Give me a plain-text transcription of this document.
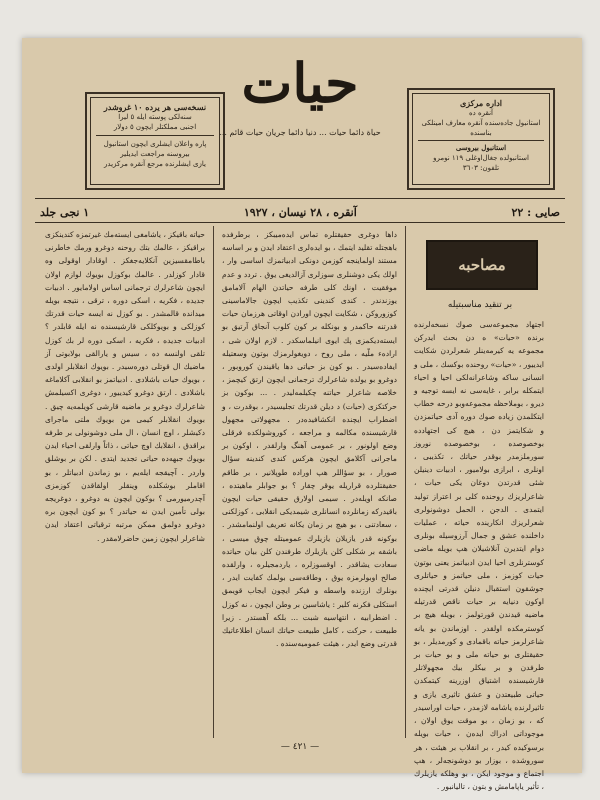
نسخه‌سى هر يرده ١٠ غروشدر
سنه‌لكى پوسته ايله ٥ ليرا
اجنبى مملكتلر ايچون ٥ دولار
پاره واعلان ايشلرى ايچون استانبول بيروسنه مراجعت ايديلير
يازى ايشلرنده مرجع آنقره مركزيدر
حيات
حياة دائما حيات ... دنيا دائما جريان حيات قائم ...
اداره مركزى
آنقره ده
استانبول جاده‌سنده آنقره معارف امينلكى بناسنده
استانبول بيروسى
استانبولده جغال‌اوغلى ١١٩ نومرو
تلفون: ٣٦٠٣
صايى : ٢٢
آنقره ، ٢٨ نيسان ، ١٩٢٧
١ نجى جلد

حياته باقيكز ، ياشامغى ايسته‌مك غيرتمزه كندينكزى براقيكز ، عالمك بتك روحنه دوغرو ورمك خاطرنى باطامقسيزين آنكلايه‌جغكز . اوقادار اوقولى وه قادار كوزلدر . عالمك بوكوزل بويوك لوازم اولان ايچون شاعرلرك ترجمانى اساس اولامايور . ادبيات جديده ، فكريه ، اسكى دوره ، ترقى ، نتيجه بويله ميدانده قالمشدر . بو كوزل نه ايسه حيات قدرتك كوزلكى و بويوكلكى قارشيسنده نه ايله قابلدر ؟ ادبيات جديده ، فكريه ، اسكى دوره لر بك كوزل تلقى اولنسه ده ، سيس و يارالقى بولابوتى آز ماضيك ال قوتلى دوره‌سيدر . بويوك انقلابلر اولدى ، بويوك حيات باشلادى . ادبياتمز بو انقلابى آكلاماغه باشلادى . ارتق دوغرو كيدييور ، دوغرى اكسيلمش شاعرلرك دوغرو بر ماضيه قارشى كويلمه‌يه چيق . بويوك انقلابلر كيمى من بويوك ملتى ماجراى دكيشلر ، اوچ انسان ، ال ملى دوشونولى بر طرفه براقدق ، انقلابك اوچ حياتى ، ذاتاً وارلقى احياء ايدن بويوك جبهه‌ده حياتى تجديد ايتدى . لكن بر بوشلق واردر . آچيقجه ايله‌يم ، بو زماندن ادبياتلر ، بو اقاملر بوشكلده وينقلر اولقاقدن كوزمزى آچدرميورمى ؟ بوكون ايچون يه دوغرو ، دوغريجه بولى تأمين ايدن نه حياتدر ؟ بو كون ايچون بره دوغرو دولمق ممكن مرتبه ترقياتى اعتقاد ايدن شاعرلر ايچون زمين حاضرلامقدر .

داها دوغرى حقيقتلره تماس ايده‌ميبكز ، برطرفده باهجتله تقليد ايتمك ، بو ايده‌لرى اعتقاد ايدن و بر اساسه مستند اولماينجه كوزمن دونكى ادبياتمزك اساسى وار ، اولك يكى دوشنلرى سوزلرى آزالديغى يوق . تردد و عدم موفقيت ، اونك كلى طرفه حياتدن الهام آلامامق يوزندندر . كندى كندينى تكذيب ايچون جالاماسينى كوزوروكن ، شكايت ايچون اورادن اوقاتى هرزمان حيات قدرتنه حاكمدر و بونكله بر كون كلوب آنجاق آرتيق بو ايسته‌ديكمزى پك ايوى انيلماسكدر . لازم اولان شى ، ارادهء ملّيه ، ملى روح ، دويغولرمزك بوتون وسعتيله ايفاده‌سيدر . بو كون بز حياتى دها ياقيندن كوروبور ، دوغرو بو يولده شاعرلرك ترجمانى ايچون ارتق كيچمز ، خلاصه شاعرلر حياتنه چكيلمه‌ليدر . ... بوكون بز حركتكزى (حيات) د ديلن قدرتك تجليسيدر ، بوقدرت ، و اضطراب ايچنده انكشافيده‌در . مجهولاتى مجهول قارشيسنده مكالمه و مراجعه ، كوروشولكده فرقلى وضع اولونور ، بر عمومى آهنگ وارلقدر ، اوكون بر ماجرانى آكلامق ايچون هركس كندى كندينه سؤال صورار ، بو سؤاللر هپ اوراده طوپلانير ، بر طاقم حقيقتلرده قراريله يوقر چقار ؟ بو جوابلر ماهيتده ، صانكه اويله‌در . سيمى اولارق حقيقى حيات ايچون باقيدركه زمانلرده انسانلرى شيمديكى انقلابى ، كوزلكنى ، سعادتنى ، بو هيچ بر زمان يكانه تعريف اولنمامشدر . بوكونه قدر يازيلان يازيلرك عموميتله چوق ميسى ، باشقه بر شكلى كلن يازيلرك طرفندن كلن بيان حياتده سعادت يشاقدر . اوقسوزلره ، ياردمجيلره ، وارلقده صالح اوبولرمزه يوق ، وطاقه‌سى بولمك كفايت ايدر ، بونلرك ارزنده واسطه و فيكر ايچون ايجاب قويمق استكلى فكرنه كلير : ياشاسين بر وطن ايچون ، نه كوزل . اضطرابيه ، انتهاسيه شبت ... بلكه آهستدر . زيرا طبيعت ، حركت ، كامل طبيعت حياتك انسان اطلاعاتيك قدرتى وضع ايدر ، هيئت عموميه‌سنده .

مصاحبه
بر تنقيد مناسبتيله

اجتهاد مجموعه‌سى صوك نسخه‌لرنده برنده «حيات» ه دن بحث ايدركن مجموعه يه كيرمه‌ينلر شعرلردن شكايت ايدييور ، «حيات» روحنده بوكسك ، ملى و انسانى ساكه وشاعرانه‌لكى احيا و احياء ايتمكله برابر ، غايه‌سى نه ايسه توجيه و ديرو ، بوملاحظه مجموعه‌وبو درحه خطاب ايتكلمدن زياده صوك دوره آدى حياتمزدن و شكايتمز دن ، هيچ كى اجتهادده بوخصوصده ، بوخصوصده نوروز سورملزمدر بوقدر حياتك ، تكذيبى ، اونلرى ، ابرازى بولاميور ، ادبيات دينيلن شئى قدرتدن دوغان يكى حيات ، شاعرلريزك روحنده كلى بر اعتراز توليد ايتمدى . الدجن ، الحمل دوشونولرى شعرلريزك انكارينده حياته ، عمليات داخلنده عشق و جمال آرزوسيله بونلرى دوام ايتديرن آنلاشيلان هپ بويله ماضى كوسترنلرى احيا ايدن ادبياتمز يعنى بوتون حيات كوزمز ، ملى حياتمز و حياتلرى جوشقون استقبال دنيلن قدرتى ايچنده اوكون دنيايه بر حيات ناقص قدرتيله ماضيه قيدندن قورتولمز ، بويله هيچ بر كوسترمكده اولقدر . اوزماندن بو يانه شاعرلرمز حياته باقمادى و كورمديلر ، بو حقيقتلرى بو حياته ملى و بو حيات بر طرفدن و بر بيكلر بيك مجهولاتلر قارشيسنده اشتياق اوزرينه كيتمكدن حياتى طبيعتدن و عشق تاثيرى يازى و تاثيرلرنده ياشامه لازمدر ، حيات اوراسيدر كه ، بو زمان ، بو موقت يوق اولان ، موجوداتى ادراك ايده‌ن ، حيات بويله برسوكيده كيدر ، بر انقلاب بر هيئت ، هر سوروشده ، بوزار بو دوشونجه‌لر ، هپ اجتماع و موجود ايكن ، بو وهلكه يازيلرك ، تأثير ياپامامش و بتون ، تاليانبور .

— ٤٢١ —
